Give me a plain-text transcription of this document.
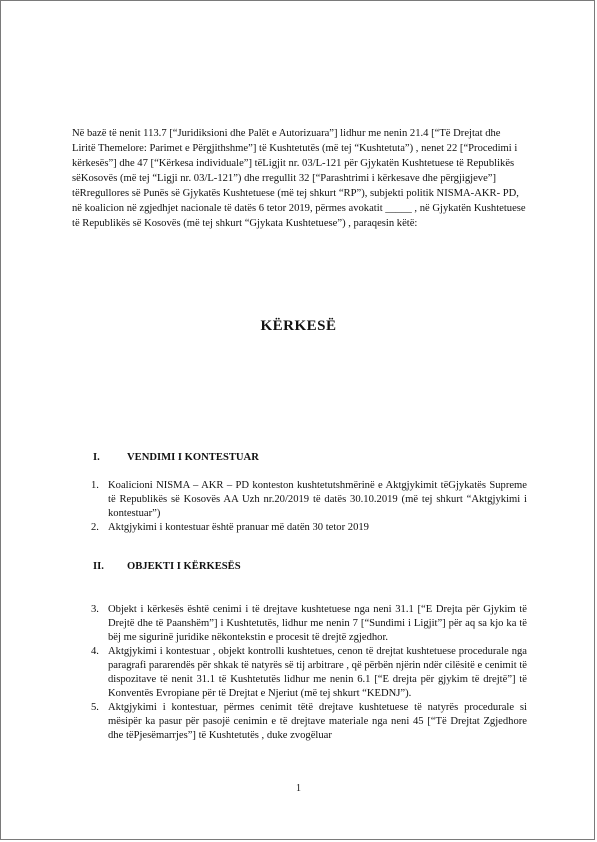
Në bazë të nenit 113.7 [“Juridiksioni dhe Palët e Autorizuara”] lidhur me nenin 21.4 [“Të Drejtat dhe Liritë Themelore: Parimet e Përgjithshme”] të Kushtetutës (më tej “Kushtetuta”) , nenet 22 [“Procedimi i kërkesës”] dhe 47 [“Kërkesa individuale”] tëLigjit nr. 03/L-121 për Gjykatën Kushtetuese të Republikës sëKosovës (më tej “Ligji nr. 03/L-121”) dhe rregullit 32 [“Parashtrimi i kërkesave dhe përgjigjeve”] tëRregullores së Punës së Gjykatës Kushtetuese (më tej shkurt “RP”), subjekti politik NISMA-AKR- PD, në koalicion në zgjedhjet nacionale të datës 6 tetor 2019, përmes avokatit _____ , në Gjykatën Kushtetuese të Republikës së Kosovës (më tej shkurt “Gjykata Kushtetuese”) , paraqesin këtë:
KËRKESË
I.	VENDIMI I KONTESTUAR
1. Koalicioni NISMA – AKR – PD konteston kushtetutshmërinë e Aktgjykimit tëGjykatës Supreme të Republikës së Kosovës AA Uzh nr.20/2019 të datës 30.10.2019 (më tej shkurt “Aktgjykimi i kontestuar”)
2. Aktgjykimi i kontestuar është pranuar më datën 30 tetor 2019
II. OBJEKTI I KËRKESËS
3. Objekt i kërkesës është cenimi i të drejtave kushtetuese nga neni 31.1 [“E Drejta për Gjykim të Drejtë dhe të Paanshëm”] i Kushtetutës, lidhur me nenin 7 [“Sundimi i Ligjit”] për aq sa kjo ka të bëj me sigurinë juridike nëkontekstin e procesit të drejtë zgjedhor.
4. Aktgjykimi i kontestuar , objekt kontrolli kushtetues, cenon të drejtat kushtetuese procedurale nga paragrafi pararendës për shkak të natyrës së tij arbitrare , që përbën njërin ndër cilësitë e cenimit të dispozitave të nenit 31.1 të Kushtetutës lidhur me nenin 6.1 [“E drejta për gjykim të drejtë”] të Konventës Evropiane për të Drejtat e Njeriut (më tej shkurt “KEDNJ”).
5. Aktgjykimi i kontestuar, përmes cenimit tëtë drejtave kushtetuese të natyrës procedurale si mësipër ka pasur për pasojë cenimin e të drejtave materiale nga neni 45 [“Të Drejtat Zgjedhore dhe tëPjesëmarrjes”] të Kushtetutës , duke zvogëluar
1
